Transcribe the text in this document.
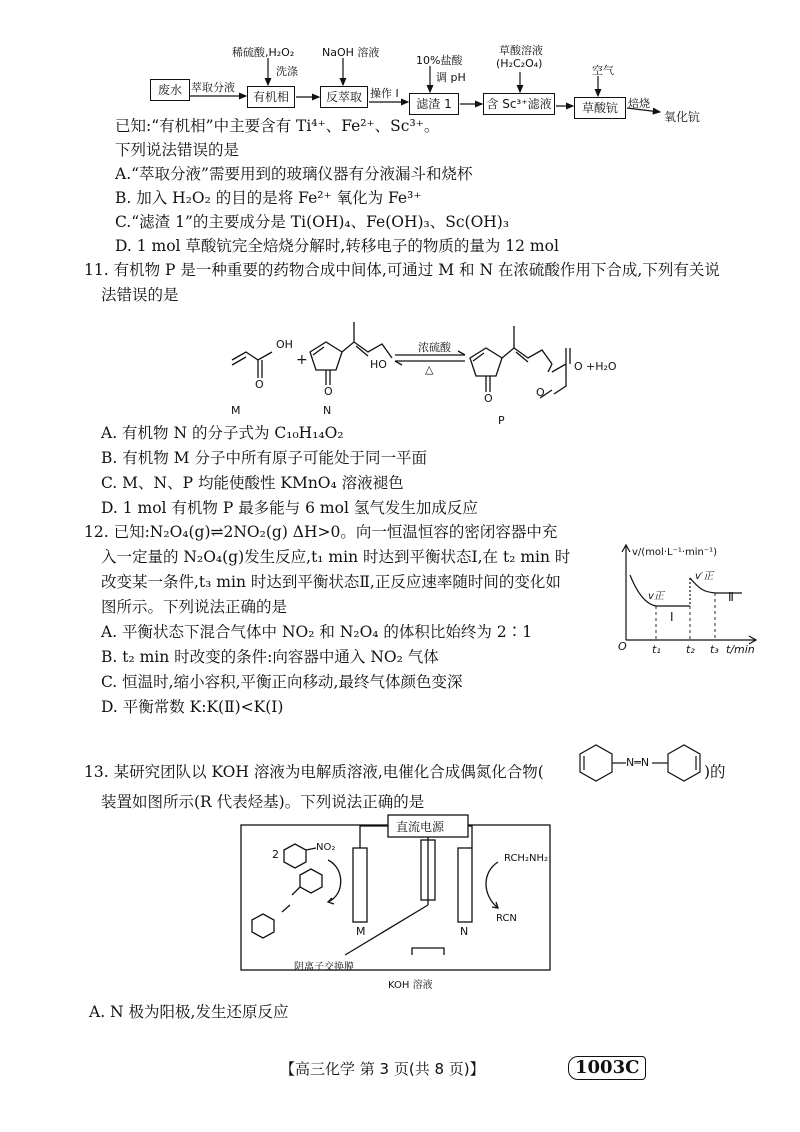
废水	有机相	反萃取	滤渣 1	含 Sc³⁺滤液	草酸钪
萃取分液	操作 I
焙烧
氧化钪
稀硫酸,H₂O₂
洗涤
NaOH 溶液
10%盐酸
调 pH
草酸溶液
(H₂C₂O₄)
空气
已知:“有机相”中主要含有 Ti⁴⁺、Fe²⁺、Sc³⁺。
下列说法错误的是
A.“萃取分液”需要用到的玻璃仪器有分液漏斗和烧杯
B. 加入 H₂O₂ 的目的是将 Fe²⁺ 氧化为 Fe³⁺
C.“滤渣 1”的主要成分是 Ti(OH)₄、Fe(OH)₃、Sc(OH)₃
D. 1 mol 草酸钪完全焙烧分解时,转移电子的物质的量为 12 mol
11. 有机物 P 是一种重要的药物合成中间体,可通过 M 和 N 在浓硫酸作用下合成,下列有关说
法错误的是
OH
O
+
O
HO
浓硫酸
△
O	O
O +H₂O
M	N
P
A. 有机物 N 的分子式为 C₁₀H₁₄O₂
B. 有机物 M 分子中所有原子可能处于同一平面
C. M、N、P 均能使酸性 KMnO₄ 溶液褪色
D. 1 mol 有机物 P 最多能与 6 mol 氢气发生加成反应
12. 已知:N₂O₄(g)⇌2NO₂(g) ΔH>0。向一恒温恒容的密闭容器中充
入一定量的 N₂O₄(g)发生反应,t₁ min 时达到平衡状态Ⅰ,在 t₂ min 时
改变某一条件,t₃ min 时达到平衡状态Ⅱ,正反应速率随时间的变化如
图所示。下列说法正确的是
A. 平衡状态下混合气体中 NO₂ 和 N₂O₄ 的体积比始终为 2∶1
B. t₂ min 时改变的条件:向容器中通入 NO₂ 气体
C. 恒温时,缩小容积,平衡正向移动,最终气体颜色变深
D. 平衡常数 K:K(Ⅱ)<K(Ⅰ)
v/(mol·L⁻¹·min⁻¹)
v正
v′正
Ⅰ
Ⅱ
O t₁ t₂ t₃ t/min
13. 某研究团队以 KOH 溶液为电解质溶液,电催化合成偶氮化合物(
N═N
)的
装置如图所示(R 代表烃基)。下列说法正确的是
直流电源
2
NO₂
M	N
RCH₂NH₂
RCN
阴离子交换膜
KOH 溶液
A. N 极为阳极,发生还原反应
【高三化学 第 3 页(共 8 页)】	1003C
